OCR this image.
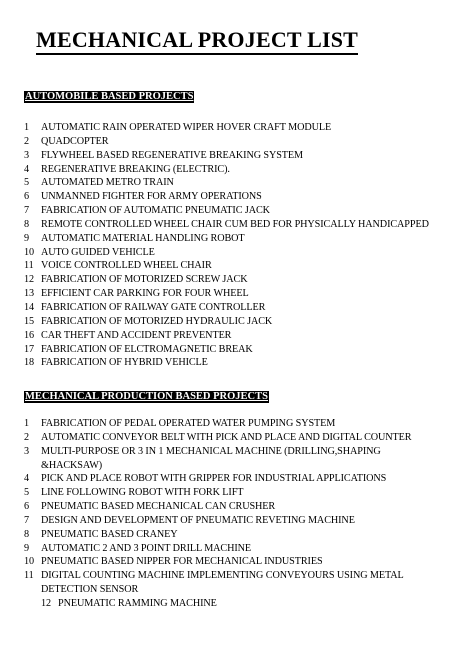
MECHANICAL PROJECT LIST
AUTOMOBILE BASED PROJECTS
1	AUTOMATIC RAIN OPERATED WIPER HOVER CRAFT MODULE
2	QUADCOPTER
3	FLYWHEEL BASED REGENERATIVE BREAKING SYSTEM
4	REGENERATIVE BREAKING (ELECTRIC).
5	AUTOMATED METRO TRAIN
6	UNMANNED FIGHTER FOR ARMY OPERATIONS
7	FABRICATION OF AUTOMATIC PNEUMATIC JACK
8	REMOTE CONTROLLED WHEEL CHAIR CUM BED FOR PHYSICALLY HANDICAPPED
9	AUTOMATIC MATERIAL HANDLING ROBOT
10 AUTO GUIDED VEHICLE
11 VOICE CONTROLLED WHEEL CHAIR
12 FABRICATION OF MOTORIZED SCREW JACK
13 EFFICIENT CAR PARKING FOR FOUR WHEEL
14 FABRICATION OF RAILWAY GATE CONTROLLER
15 FABRICATION OF MOTORIZED HYDRAULIC JACK
16 CAR THEFT AND ACCIDENT PREVENTER
17 FABRICATION OF ELCTROMAGNETIC BREAK
18 FABRICATION OF HYBRID VEHICLE
MECHANICAL PRODUCTION BASED PROJECTS
1	FABRICATION OF PEDAL OPERATED WATER PUMPING SYSTEM
2	AUTOMATIC CONVEYOR BELT WITH PICK AND PLACE AND DIGITAL COUNTER
3	MULTI-PURPOSE OR 3 IN 1 MECHANICAL MACHINE (DRILLING,SHAPING &HACKSAW)
4	PICK AND PLACE ROBOT WITH GRIPPER FOR INDUSTRIAL APPLICATIONS
5	LINE FOLLOWING ROBOT WITH FORK LIFT
6	PNEUMATIC BASED MECHANICAL CAN CRUSHER
7	DESIGN AND DEVELOPMENT OF PNEUMATIC REVETING MACHINE
8	PNEUMATIC BASED CRANEY
9	AUTOMATIC 2 AND 3 POINT DRILL MACHINE
10 PNEUMATIC BASED NIPPER FOR MECHANICAL INDUSTRIES
11 DIGITAL COUNTING MACHINE IMPLEMENTING CONVEYOURS USING METAL DETECTION SENSOR
12 PNEUMATIC RAMMING MACHINE
